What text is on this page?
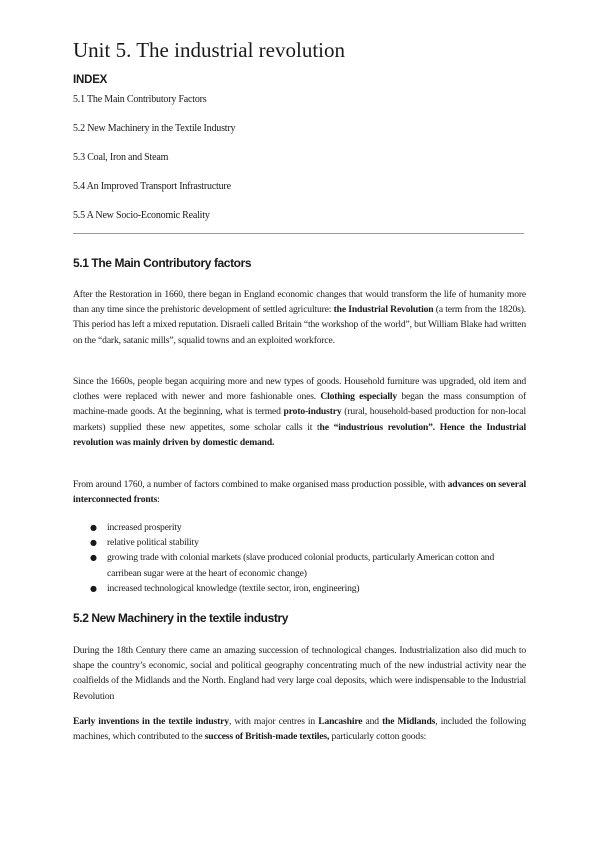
Unit 5. The industrial revolution
INDEX
5.1 The Main Contributory Factors
5.2 New Machinery in the Textile Industry
5.3 Coal, Iron and Steam
5.4 An Improved Transport Infrastructure
5.5 A New Socio-Economic Reality
5.1 The Main Contributory factors

After the Restoration in 1660, there began in England economic changes that would transform the life of humanity more than any time since the prehistoric development of settled agriculture: the Industrial Revolution (a term from the 1820s). This period has left a mixed reputation. Disraeli called Britain “the workshop of the world”, but William Blake had written on the “dark, satanic mills”, squalid towns and an exploited workforce.

Since the 1660s, people began acquiring more and new types of goods. Household furniture was upgraded, old item and clothes were replaced with newer and more fashionable ones. Clothing especially began the mass consumption of machine-made goods. At the beginning, what is termed proto-industry (rural, household-based production for non-local markets) supplied these new appetites, some scholar calls it the “industrious revolution”. Hence the Industrial revolution was mainly driven by domestic demand.

From around 1760, a number of factors combined to make organised mass production possible, with advances on several interconnected fronts:

● increased prosperity
● relative political stability
● growing trade with colonial markets (slave produced colonial products, particularly American cotton and carribean sugar were at the heart of economic change)
● increased technological knowledge (textile sector, iron, engineering)
5.2 New Machinery in the textile industry

During the 18th Century there came an amazing succession of technological changes. Industrialization also did much to shape the country’s economic, social and political geography concentrating much of the new industrial activity near the coalfields of the Midlands and the North. England had very large coal deposits, which were indispensable to the Industrial Revolution

Early inventions in the textile industry, with major centres in Lancashire and the Midlands, included the following machines, which contributed to the success of British-made textiles, particularly cotton goods:
